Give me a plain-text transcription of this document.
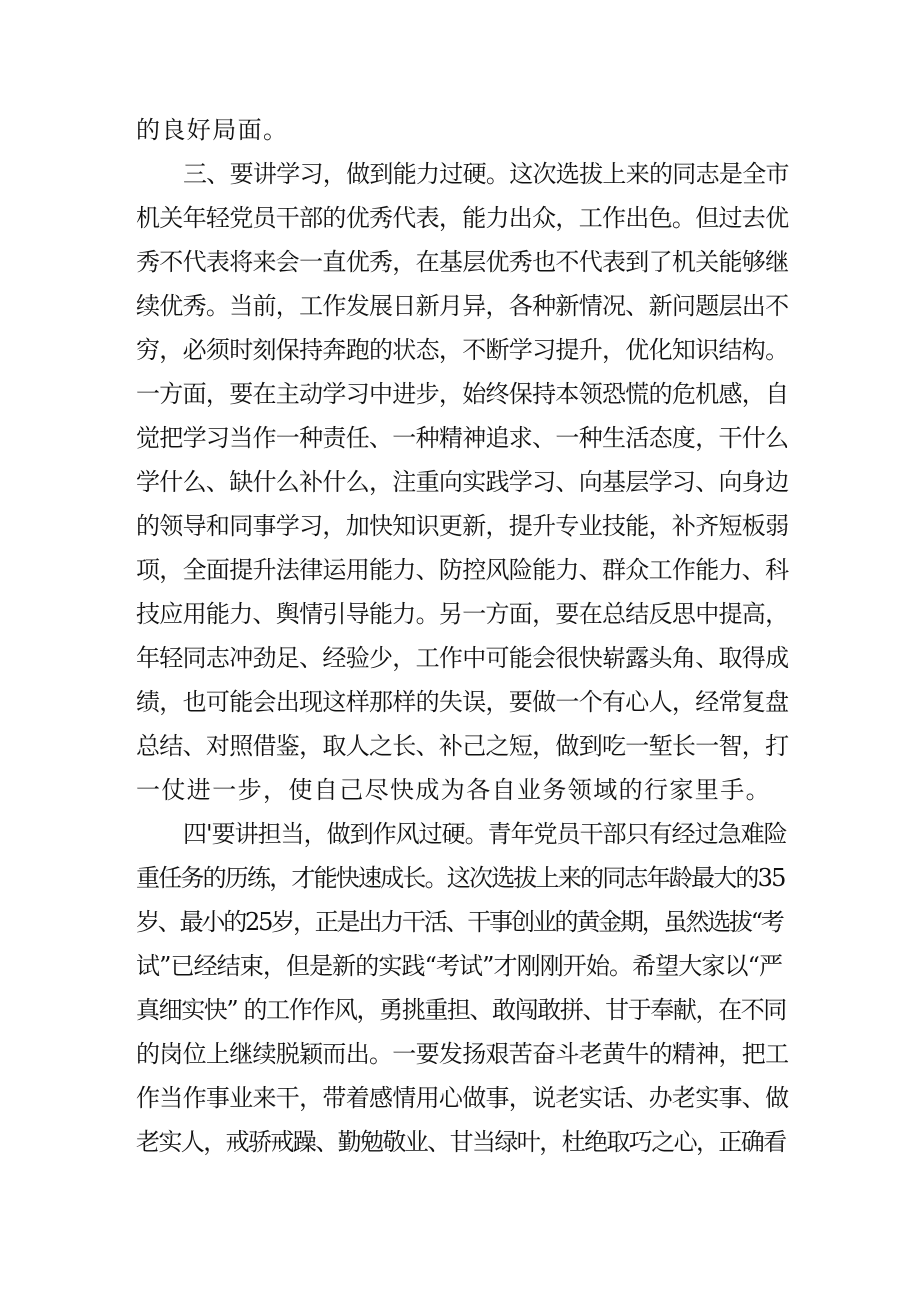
的良好局面。
三、要讲学习，做到能力过硬。这次选拔上来的同志是全市
机关年轻党员干部的优秀代表，能力出众，工作出色。但过去优
秀不代表将来会一直优秀，在基层优秀也不代表到了机关能够继
续优秀。当前，工作发展日新月异，各种新情况、新问题层出不
穷，必须时刻保持奔跑的状态，不断学习提升，优化知识结构。
一方面，要在主动学习中进步，始终保持本领恐慌的危机感，自
觉把学习当作一种责任、一种精神追求、一种生活态度，干什么
学什么、缺什么补什么，注重向实践学习、向基层学习、向身边
的领导和同事学习，加快知识更新，提升专业技能，补齐短板弱
项，全面提升法律运用能力、防控风险能力、群众工作能力、科
技应用能力、舆情引导能力。另一方面，要在总结反思中提高，
年轻同志冲劲足、经验少，工作中可能会很快崭露头角、取得成
绩，也可能会出现这样那样的失误，要做一个有心人，经常复盘
总结、对照借鉴，取人之长、补己之短，做到吃一堑长一智，打
一仗进一步，使自己尽快成为各自业务领域的行家里手。
四'要讲担当，做到作风过硬。青年党员干部只有经过急难险
重任务的历练，才能快速成长。这次选拔上来的同志年龄最大的35
岁、最小的25岁，正是出力干活、干事创业的黄金期，虽然选拔“考
试”已经结束，但是新的实践“考试”才刚刚开始。希望大家以“严
真细实快” 的工作作风，勇挑重担、敢闯敢拼、甘于奉献，在不同
的岗位上继续脱颖而出。一要发扬艰苦奋斗老黄牛的精神，把工
作当作事业来干，带着感情用心做事，说老实话、办老实事、做
老实人，戒骄戒躁、勤勉敬业、甘当绿叶，杜绝取巧之心，正确看
